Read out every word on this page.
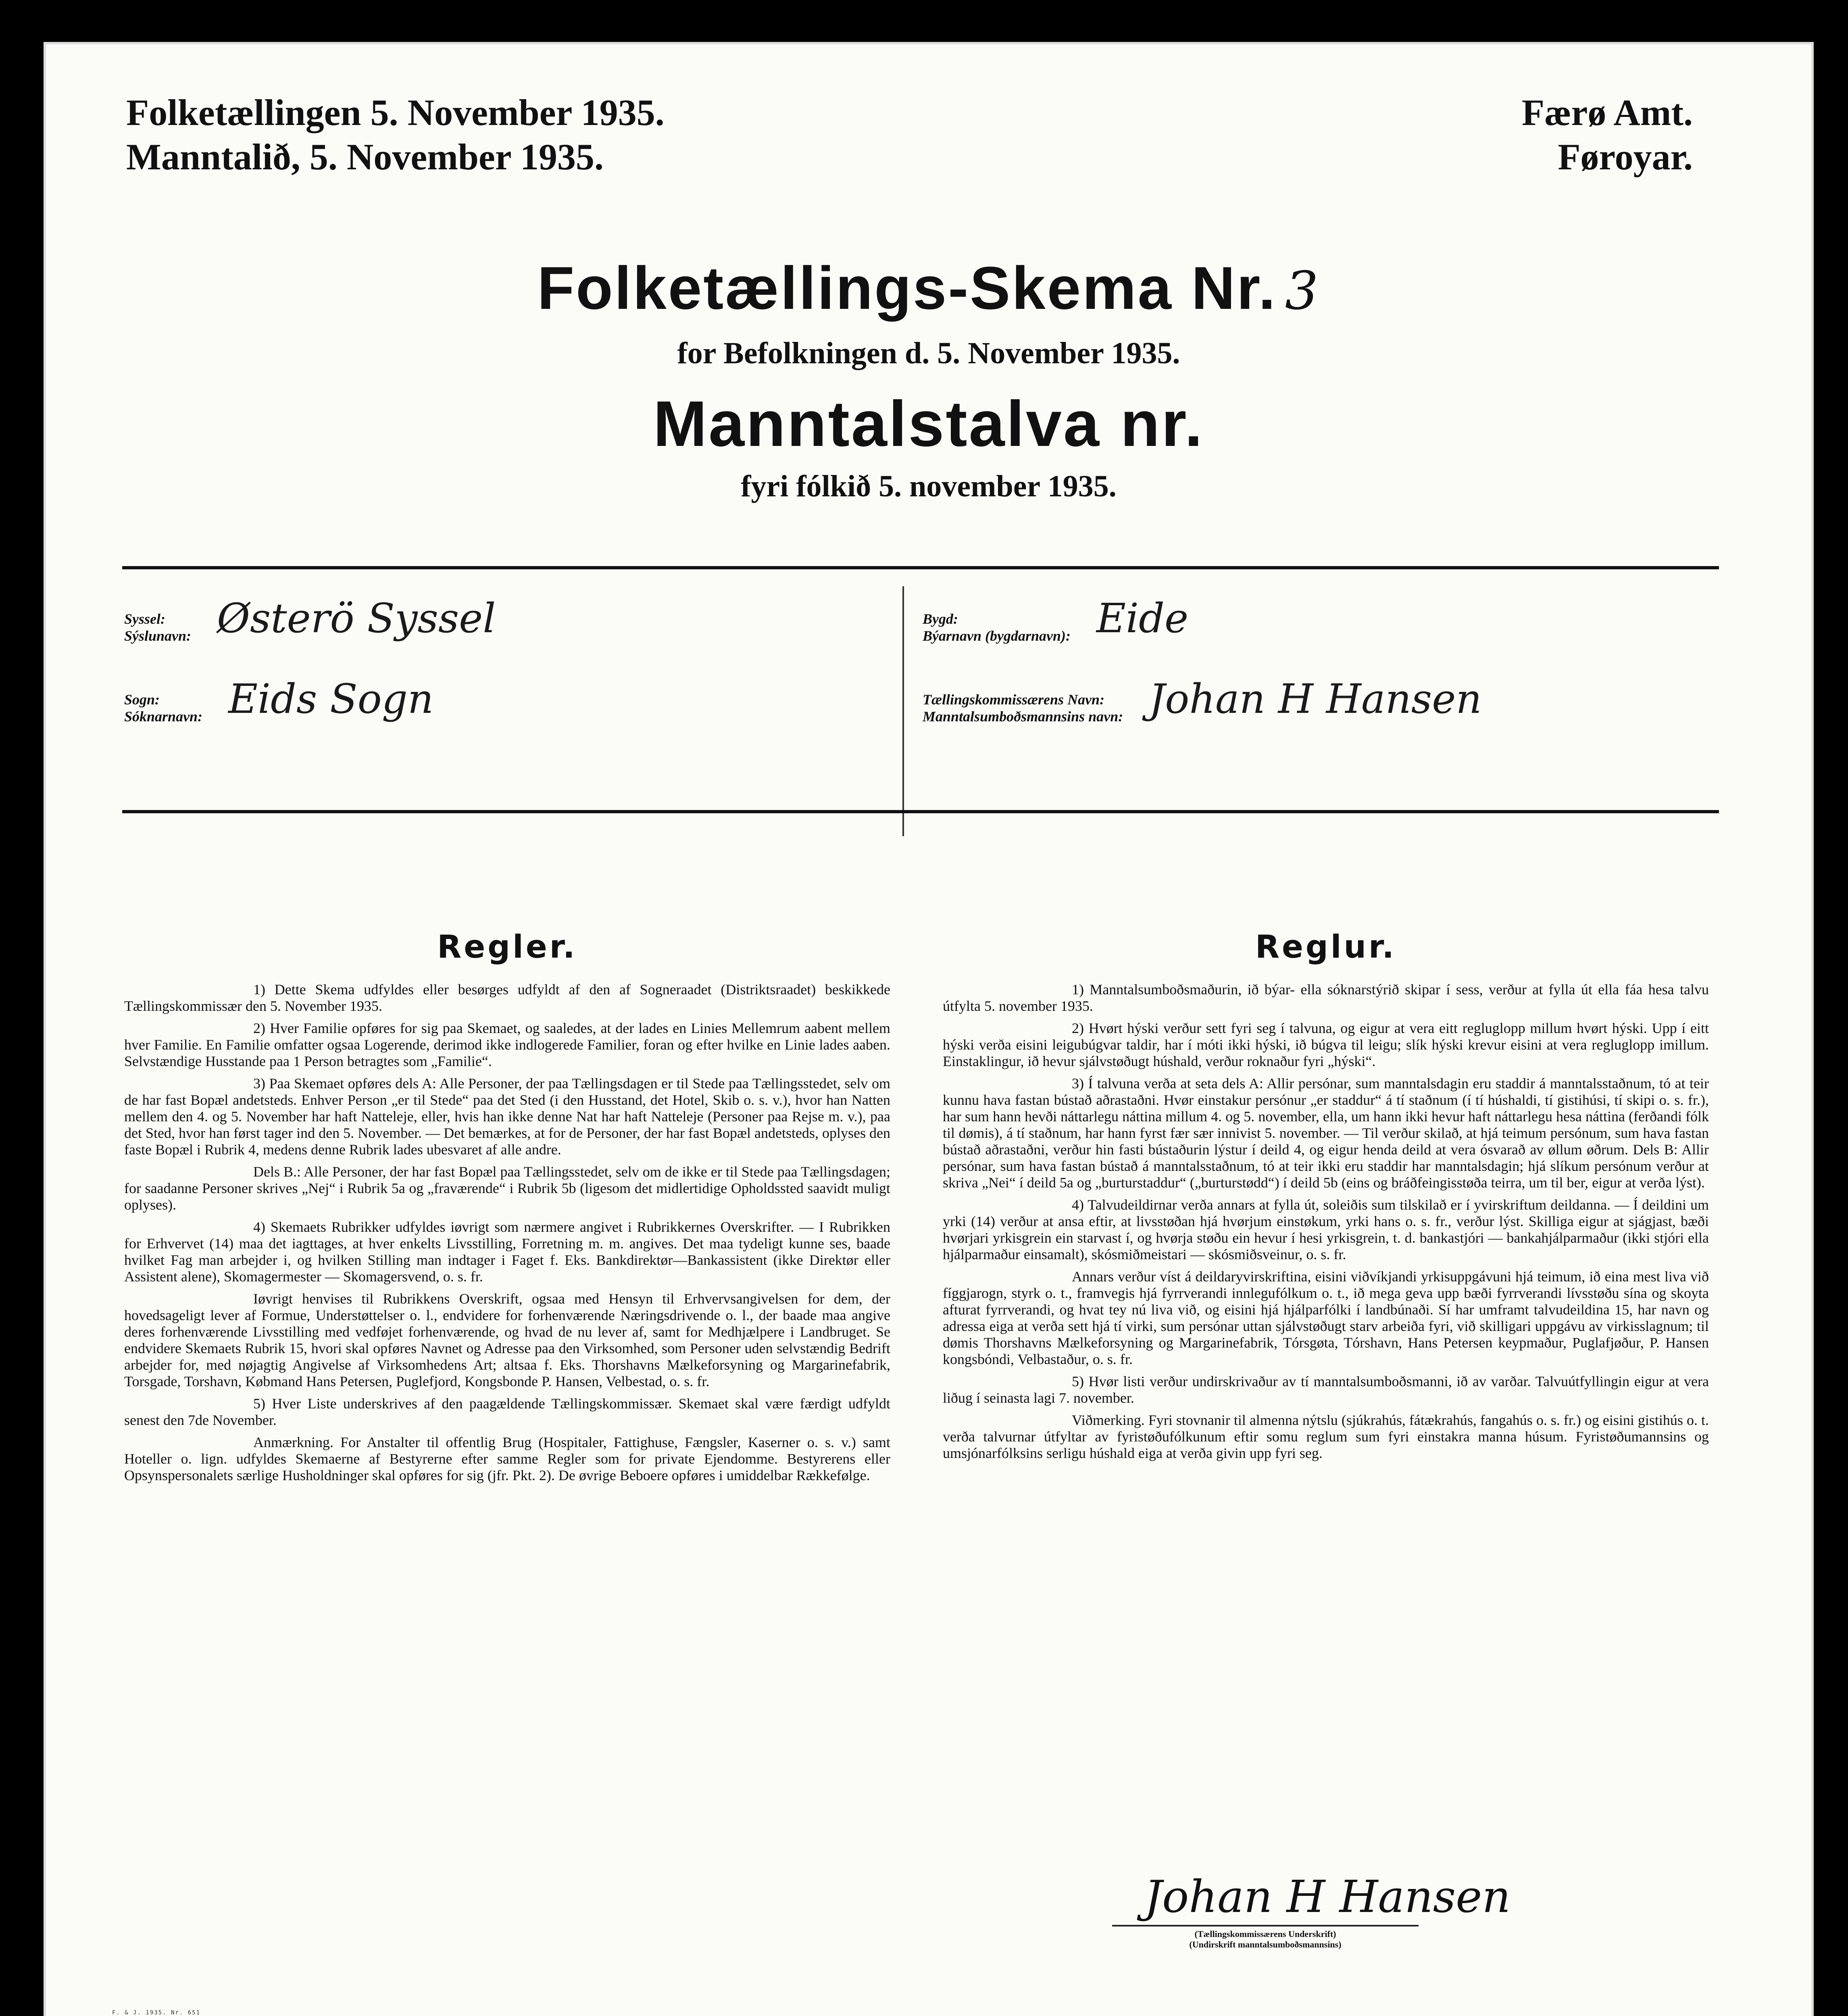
Folketællingen 5. November 1935.
Manntalið, 5. November 1935.
Færø Amt.
Føroyar.
Folketællings-Skema Nr. 3
for Befolkningen d. 5. November 1935.
Manntalstalva nr.
fyri fólkið 5. november 1935.
Syssel:
Sýslunavn: Østerö Syssel
Sogn:
Sóknarnavn: Eids Sogn
Bygd:
Býarnavn (bygdarnavn): Eide
Tællingskommissærens Navn:
Manntalsumboðsmannsins navn: Johan H Hansen
Regler.

1) Dette Skema udfyldes eller besørges udfyldt af den af Sogneraadet (Distriktsraadet) beskikkede Tællingskommissær den 5. November 1935.

2) Hver Familie opføres for sig paa Skemaet, og saaledes, at der lades en Linies Mellemrum aabent mellem hver Familie. En Familie omfatter ogsaa Logerende, derimod ikke indlogerede Familier, foran og efter hvilke en Linie lades aaben. Selvstændige Husstande paa 1 Person betragtes som „Familie“.

3) Paa Skemaet opføres dels A: Alle Personer, der paa Tællingsdagen er til Stede paa Tællingsstedet, selv om de har fast Bopæl andetsteds. Enhver Person „er til Stede“ paa det Sted (i den Husstand, det Hotel, Skib o. s. v.), hvor han Natten mellem den 4. og 5. November har haft Natteleje, eller, hvis han ikke denne Nat har haft Natteleje (Personer paa Rejse m. v.), paa det Sted, hvor han først tager ind den 5. November. — Det bemærkes, at for de Personer, der har fast Bopæl andetsteds, oplyses den faste Bopæl i Rubrik 4, medens denne Rubrik lades ubesvaret af alle andre.

Dels B.: Alle Personer, der har fast Bopæl paa Tællingsstedet, selv om de ikke er til Stede paa Tællingsdagen; for saadanne Personer skrives „Nej“ i Rubrik 5a og „fraværende“ i Rubrik 5b (ligesom det midlertidige Opholdssted saavidt muligt oplyses).

4) Skemaets Rubrikker udfyldes iøvrigt som nærmere angivet i Rubrikkernes Overskrifter. — I Rubrikken for Erhvervet (14) maa det iagttages, at hver enkelts Livsstilling, Forretning m. m. angives. Det maa tydeligt kunne ses, baade hvilket Fag man arbejder i, og hvilken Stilling man indtager i Faget f. Eks. Bankdirektør—Bankassistent (ikke Direktør eller Assistent alene), Skomagermester — Skomagersvend, o. s. fr.

Iøvrigt henvises til Rubrikkens Overskrift, ogsaa med Hensyn til Erhvervsangivelsen for dem, der hovedsageligt lever af Formue, Understøttelser o. l., endvidere for forhenværende Næringsdrivende o. l., der baade maa angive deres forhenværende Livsstilling med vedføjet forhenværende, og hvad de nu lever af, samt for Medhjælpere i Landbruget. Se endvidere Skemaets Rubrik 15, hvori skal opføres Navnet og Adresse paa den Virksomhed, som Personer uden selvstændig Bedrift arbejder for, med nøjagtig Angivelse af Virksomhedens Art; altsaa f. Eks. Thorshavns Mælkeforsyning og Margarinefabrik, Torsgade, Torshavn, Købmand Hans Petersen, Puglefjord, Kongsbonde P. Hansen, Velbestad, o. s. fr.

5) Hver Liste underskrives af den paagældende Tællingskommissær. Skemaet skal være færdigt udfyldt senest den 7de November.

Anmærkning. For Anstalter til offentlig Brug (Hospitaler, Fattighuse, Fængsler, Kaserner o. s. v.) samt Hoteller o. lign. udfyldes Skemaerne af Bestyrerne efter samme Regler som for private Ejendomme. Bestyrerens eller Opsynspersonalets særlige Husholdninger skal opføres for sig (jfr. Pkt. 2). De øvrige Beboere opføres i umiddelbar Rækkefølge.

Reglur.

1) Manntalsumboðsmaðurin, ið býar- ella sóknarstýrið skipar í sess, verður at fylla út ella fáa hesa talvu útfylta 5. november 1935.

2) Hvørt hýski verður sett fyri seg í talvuna, og eigur at vera eitt regluglopp millum hvørt hýski. Upp í eitt hýski verða eisini leigubúgvar taldir, har í móti ikki hýski, ið búgva til leigu; slík hýski krevur eisini at vera regluglopp imillum. Einstaklingur, ið hevur sjálvstøðugt húshald, verður roknaður fyri „hýski“.

3) Í talvuna verða at seta dels A: Allir persónar, sum manntalsdagin eru staddir á manntalsstaðnum, tó at teir kunnu hava fastan bústað aðrastaðni. Hvør einstakur persónur „er staddur“ á tí staðnum (í tí húshaldi, tí gistihúsi, tí skipi o. s. fr.), har sum hann hevði náttarlegu náttina millum 4. og 5. november, ella, um hann ikki hevur haft náttarlegu hesa náttina (ferðandi fólk til dømis), á tí staðnum, har hann fyrst fær sær innivist 5. november. — Til verður skilað, at hjá teimum persónum, sum hava fastan bústað aðrastaðni, verður hin fasti bústaðurin lýstur í deild 4, og eigur henda deild at vera ósvarað av øllum øðrum. Dels B: Allir persónar, sum hava fastan bústað á manntalsstaðnum, tó at teir ikki eru staddir har manntalsdagin; hjá slíkum persónum verður at skriva „Nei“ í deild 5a og „burturstaddur“ („burturstødd“) í deild 5b (eins og bráðfeingisstøða teirra, um til ber, eigur at verða lýst).

4) Talvudeildirnar verða annars at fylla út, soleiðis sum tilskilað er í yvirskriftum deildanna. — Í deildini um yrki (14) verður at ansa eftir, at livsstøðan hjá hvørjum einstøkum, yrki hans o. s. fr., verður lýst. Skilliga eigur at sjágjast, bæði hvørjari yrkisgrein ein starvast í, og hvørja støðu ein hevur í hesi yrkisgrein, t. d. bankastjóri — bankahjálparmaður (ikki stjóri ella hjálparmaður einsamalt), skósmiðmeistari — skósmiðsveinur, o. s. fr.

Annars verður víst á deildaryvirskriftina, eisini viðvíkjandi yrkisuppgávuni hjá teimum, ið eina mest liva við fíggjarogn, styrk o. t., framvegis hjá fyrrverandi innlegufólkum o. t., ið mega geva upp bæði fyrrverandi lívsstøðu sína og skoyta afturat fyrrverandi, og hvat tey nú liva við, og eisini hjá hjálparfólki í landbúnaði. Sí har umframt talvudeildina 15, har navn og adressa eiga at verða sett hjá tí virki, sum persónar uttan sjálvstøðugt starv arbeiða fyri, við skilligari uppgávu av virkisslagnum; til dømis Thorshavns Mælkeforsyning og Margarinefabrik, Tórsgøta, Tórshavn, Hans Petersen keypmaður, Puglafjøður, P. Hansen kongsbóndi, Velbastaður, o. s. fr.

5) Hvør listi verður undirskrivaður av tí manntalsumboðsmanni, ið av varðar. Talvuútfyllingin eigur at vera liðug í seinasta lagi 7. november.

Viðmerking. Fyri stovnanir til almenna nýtslu (sjúkrahús, fátækrahús, fangahús o. s. fr.) og eisini gistihús o. t. verða talvurnar útfyltar av fyristøðufólkunum eftir somu reglum sum fyri einstakra manna húsum. Fyristøðumannsins og umsjónarfólksins serligu húshald eiga at verða givin upp fyri seg.

Johan H Hansen
(Tællingskommissærens Underskrift)
(Undirskrift manntalsumboðsmannsins)
F. & J. 1935. Nr. 651
